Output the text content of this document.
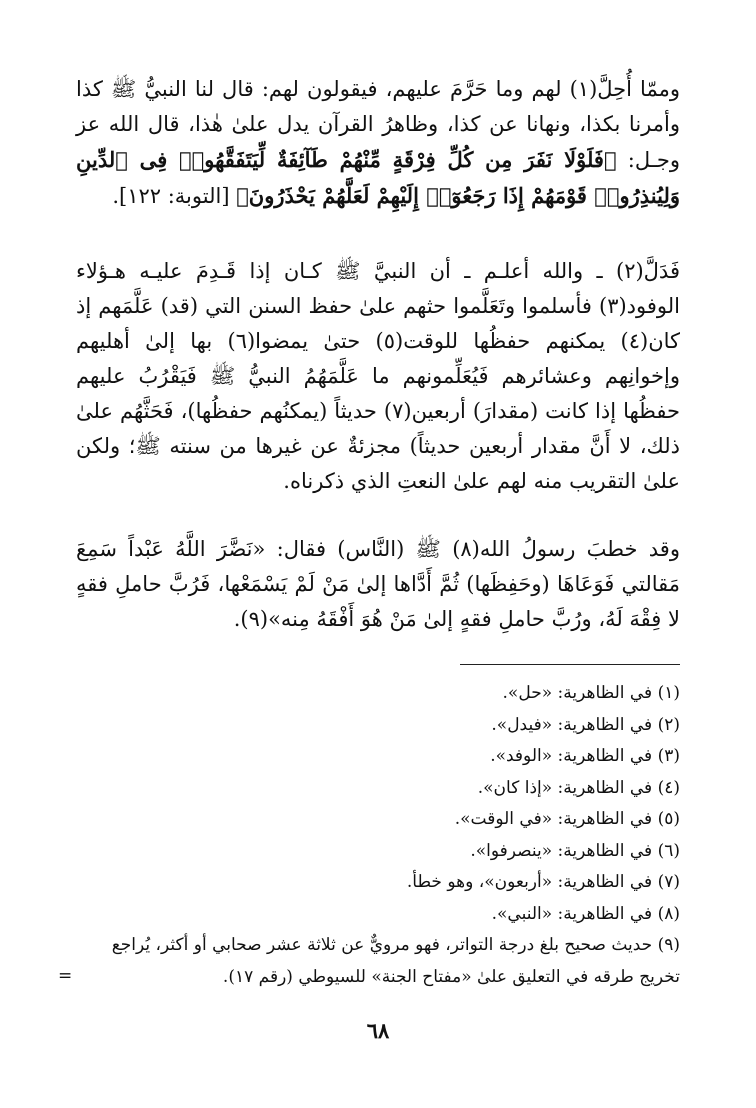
وممّا أُحِلَّ(١) لهم وما حَرَّمَ عليهم، فيقولون لهم: قال لنا النبيُّ ﷺ كذا وأمرنا بكذا، ونهانا عن كذا، وظاهرُ القرآن يدل علىٰ هٰذا، قال الله عز وجـل: ﴿فَلَوْلَا نَفَرَ مِن كُلِّ فِرْقَةٍ مِّنْهُمْ طَآئِفَةٌ لِّيَتَفَقَّهُوا۟ فِى ٱلدِّينِ وَلِيُنذِرُوا۟ قَوْمَهُمْ إِذَا رَجَعُوٓا۟ إِلَيْهِمْ لَعَلَّهُمْ يَحْذَرُونَ﴾ [التوبة: ١٢٢].

فَدَلَّ(٢) ـ والله أعلـم ـ أن النبيَّ ﷺ كـان إذا قَـدِمَ عليـه هـؤلاء الوفود(٣) فأسلموا وتَعَلَّموا حثهم علىٰ حفظ السنن التي (قد) عَلَّمَهم إذ كان(٤) يمكنهم حفظُها للوقت(٥) حتىٰ يمضوا(٦) بها إلىٰ أهليهم وإخوانِهم وعشائرهم فَيُعَلِّمونهم ما عَلَّمَهُمُ النبيُّ ﷺ فَيَقْرُبُ عليهم حفظُها إذا كانت (مقدارَ) أربعين(٧) حديثاً (يمكنُهم حفظُها)، فَحَثَّهُم علىٰ ذلك، لا أَنَّ مقدار أربعين حديثاً) مجزئةٌ عن غيرها من سنته ﷺ؛ ولكن علىٰ التقريب منه لهم علىٰ النعتِ الذي ذكرناه.

وقد خطبَ رسولُ الله(٨) ﷺ (النَّاس) فقال: «نَضَّرَ اللَّهُ عَبْداً سَمِعَ مَقالتي فَوَعَاهَا (وحَفِظَها) ثُمَّ أَدَّاها إلىٰ مَنْ لَمْ يَسْمَعْها، فَرُبَّ حاملِ فقهٍ لا فِقْهَ لَهُ، ورُبَّ حاملِ فقهٍ إلىٰ مَنْ هُوَ أَفْقَهُ مِنه»(٩).

(١) في الظاهرية: «حل».
(٢) في الظاهرية: «فيدل».
(٣) في الظاهرية: «الوفد».
(٤) في الظاهرية: «إذا كان».
(٥) في الظاهرية: «في الوقت».
(٦) في الظاهرية: «ينصرفوا».
(٧) في الظاهرية: «أربعون»، وهو خطأ.
(٨) في الظاهرية: «النبي».
(٩) حديث صحيح بلغ درجة التواتر، فهو مرويٌّ عن ثلاثة عشر صحابي أو أكثر، يُراجع تخريج طرقه في التعليق علىٰ «مفتاح الجنة» للسيوطي (رقم ١٧).
=
٦٨
